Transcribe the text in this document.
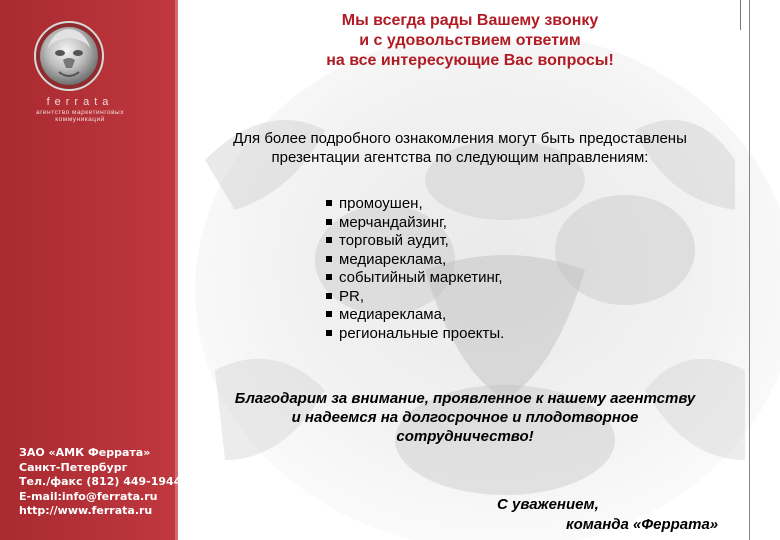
ferrata
агентство маркетинговых
коммуникаций
ЗАО «АМК Феррата»
Санкт-Петербург
Тел./факс (812) 449-1944
E-mail:info@ferrata.ru
http://www.ferrata.ru
Мы всегда рады Вашему звонку
и с удовольствием ответим
на все интересующие Вас вопросы!
Для более подробного ознакомления могут быть предоставлены
презентации агентства по следующим направлениям:
промоушен,
мерчандайзинг,
торговый аудит,
медиареклама,
событийный маркетинг,
PR,
медиареклама,
региональные проекты.
Благодарим за внимание, проявленное к нашему агентству
и надеемся на долгосрочное и плодотворное
сотрудничество!
С уважением,
команда «Феррата»
